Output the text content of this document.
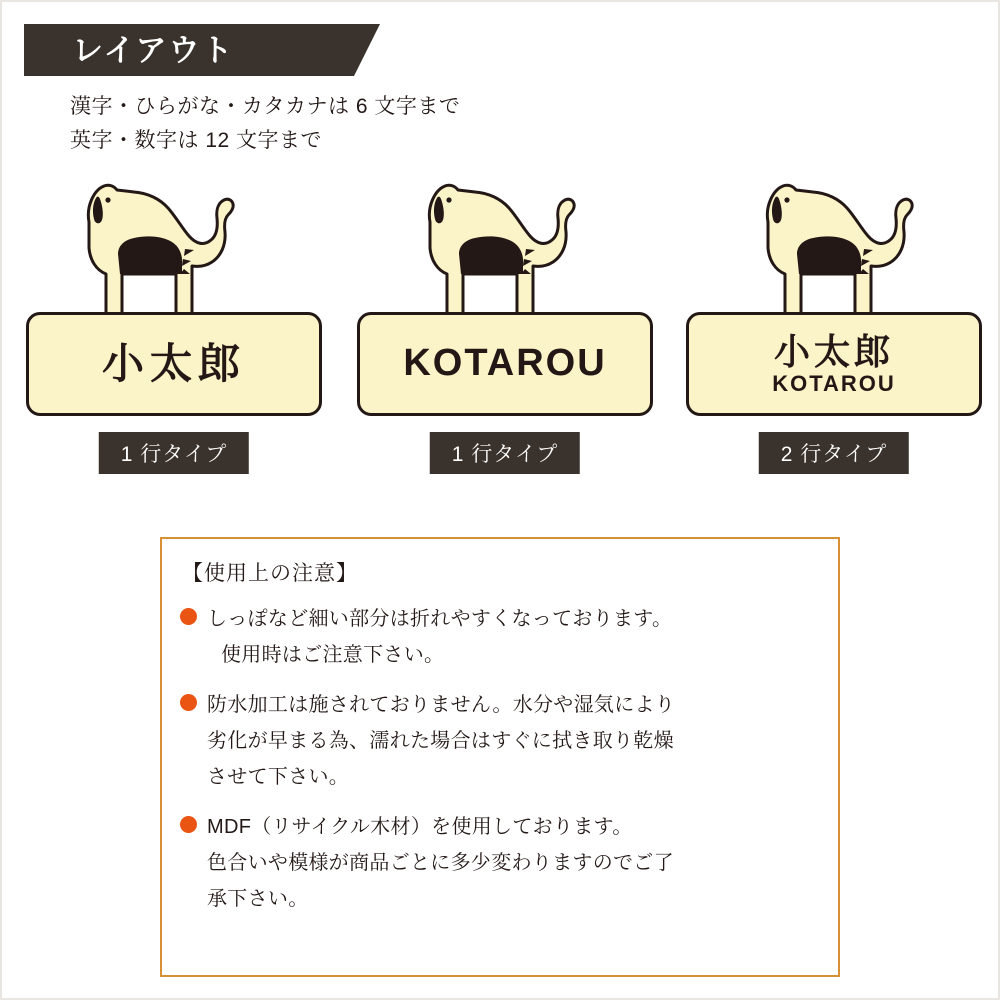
レイアウト
漢字・ひらがな・カタカナは 6 文字まで
英字・数字は 12 文字まで
小太郎
1 行タイプ
KOTAROU
1 行タイプ
小太郎
KOTAROU
2 行タイプ
【使用上の注意】
しっぽなど細い部分は折れやすくなっております。
使用時はご注意下さい。
防水加工は施されておりません。水分や湿気により
劣化が早まる為、濡れた場合はすぐに拭き取り乾燥
させて下さい。
MDF（リサイクル木材）を使用しております。
色合いや模様が商品ごとに多少変わりますのでご了
承下さい。
